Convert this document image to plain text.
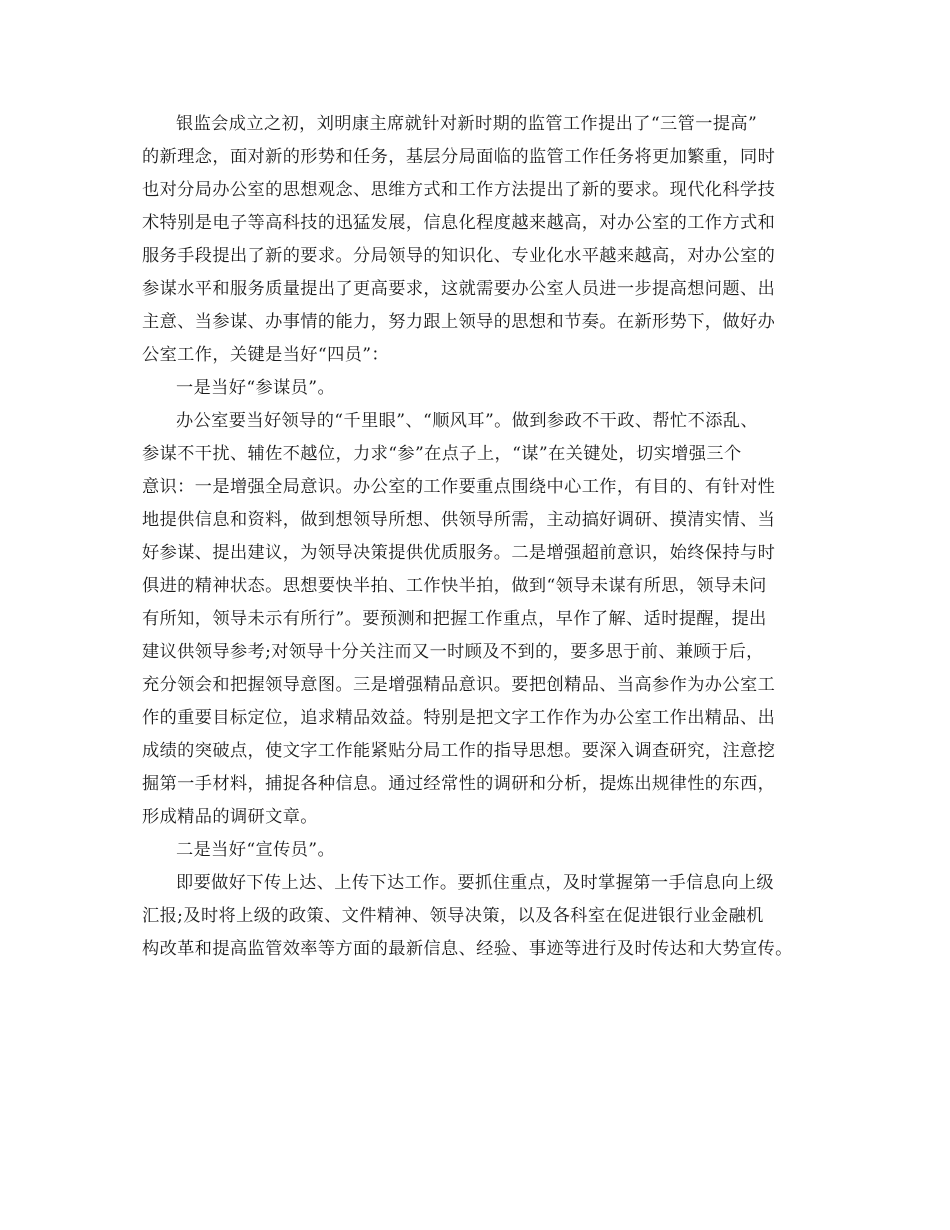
银监会成立之初，刘明康主席就针对新时期的监管工作提出了“三管一提高”
的新理念，面对新的形势和任务，基层分局面临的监管工作任务将更加繁重，同时
也对分局办公室的思想观念、思维方式和工作方法提出了新的要求。现代化科学技
术特别是电子等高科技的迅猛发展，信息化程度越来越高，对办公室的工作方式和
服务手段提出了新的要求。分局领导的知识化、专业化水平越来越高，对办公室的
参谋水平和服务质量提出了更高要求，这就需要办公室人员进一步提高想问题、出
主意、当参谋、办事情的能力，努力跟上领导的思想和节奏。在新形势下，做好办
公室工作，关键是当好“四员”：
一是当好“参谋员”。
办公室要当好领导的“千里眼”、“顺风耳”。做到参政不干政、帮忙不添乱、
参谋不干扰、辅佐不越位，力求“参”在点子上，“谋”在关键处，切实增强三个
意识：一是增强全局意识。办公室的工作要重点围绕中心工作，有目的、有针对性
地提供信息和资料，做到想领导所想、供领导所需，主动搞好调研、摸清实情、当
好参谋、提出建议，为领导决策提供优质服务。二是增强超前意识，始终保持与时
俱进的精神状态。思想要快半拍、工作快半拍，做到“领导未谋有所思，领导未问
有所知，领导未示有所行”。要预测和把握工作重点，早作了解、适时提醒，提出
建议供领导参考;对领导十分关注而又一时顾及不到的，要多思于前、兼顾于后，
充分领会和把握领导意图。三是增强精品意识。要把创精品、当高参作为办公室工
作的重要目标定位，追求精品效益。特别是把文字工作作为办公室工作出精品、出
成绩的突破点，使文字工作能紧贴分局工作的指导思想。要深入调查研究，注意挖
掘第一手材料，捕捉各种信息。通过经常性的调研和分析，提炼出规律性的东西，
形成精品的调研文章。
二是当好“宣传员”。
即要做好下传上达、上传下达工作。要抓住重点，及时掌握第一手信息向上级
汇报;及时将上级的政策、文件精神、领导决策，以及各科室在促进银行业金融机
构改革和提高监管效率等方面的最新信息、经验、事迹等进行及时传达和大势宣传。
